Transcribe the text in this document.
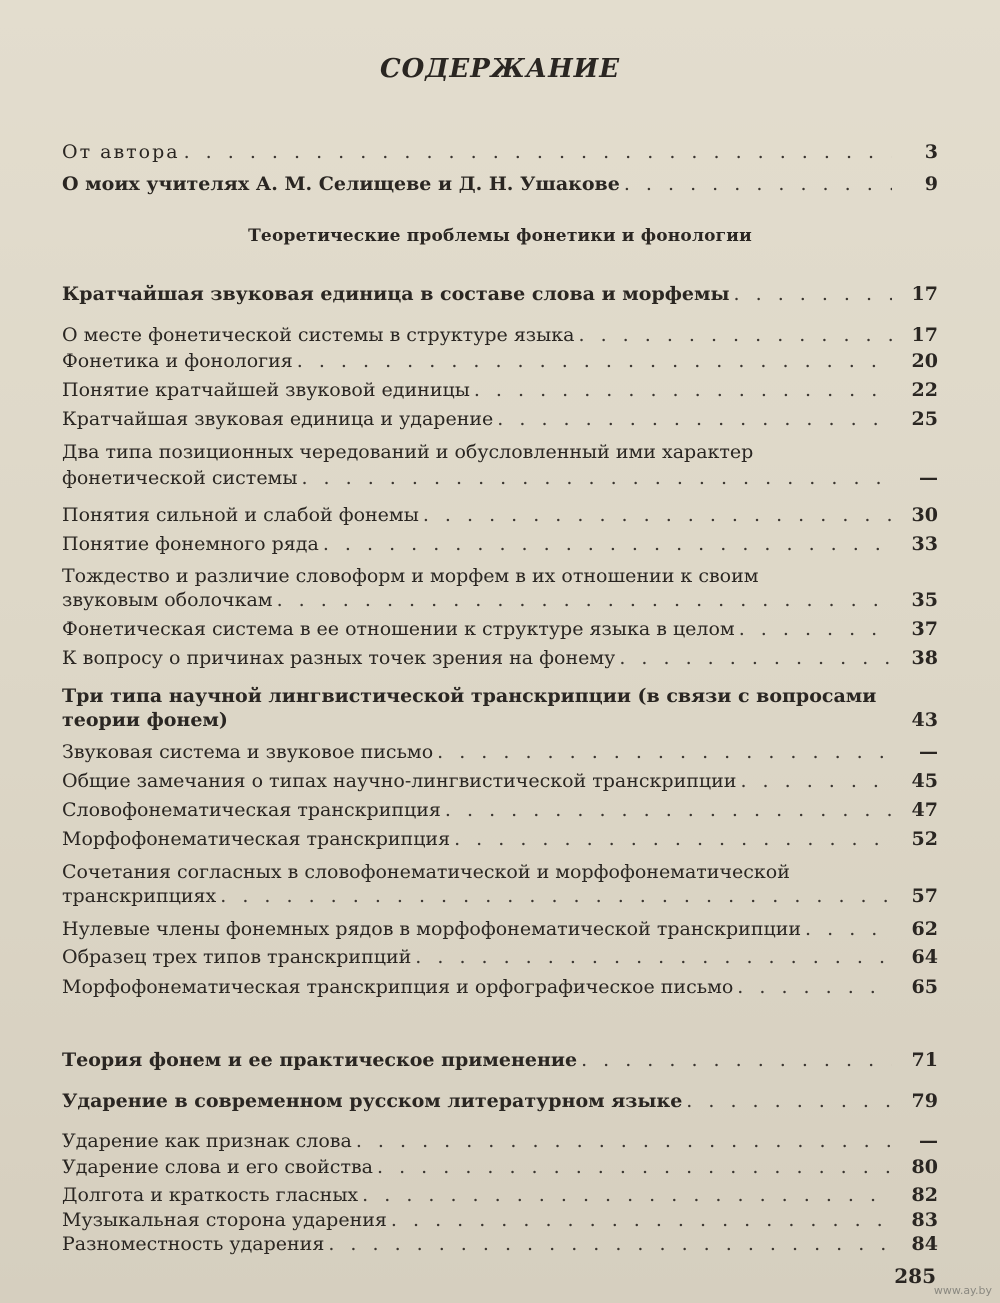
СОДЕРЖАНИЕ
От автора . . .	3
О моих учителях А. М. Селищеве и Д. Н. Ушакове . . .	9
Теоретические проблемы фонетики и фонологии
Кратчайшая звуковая единица в составе слова и морфемы . . .	17
О месте фонетической системы в структуре языка . . .	17
Фонетика и фонология . . .	20
Понятие кратчайшей звуковой единицы . . .	22
Кратчайшая звуковая единица и ударение . . .	25
Два типа позиционных чередований и обусловленный ими характер
фонетической системы . . .	—
Понятия сильной и слабой фонемы . . .	30
Понятие фонемного ряда . . .	33
Тождество и различие словоформ и морфем в их отношении к своим
звуковым оболочкам . . .	35
Фонетическая система в ее отношении к структуре языка в целом . . .	37
К вопросу о причинах разных точек зрения на фонему . . .	38
Три типа научной лингвистической транскрипции (в связи с вопросами
теории фонем)	43
Звуковая система и звуковое письмо . . .	—
Общие замечания о типах научно-лингвистической транскрипции . . .	45
Словофонематическая транскрипция . . .	47
Морфофонематическая транскрипция . . .	52
Сочетания согласных в словофонематической и морфофонематической
транскрипциях . . .	57
Нулевые члены фонемных рядов в морфофонематической транскрипции . . .	62
Образец трех типов транскрипций . . .	64
Морфофонематическая транскрипция и орфографическое письмо . . .	65
Теория фонем и ее практическое применение . . .	71
Ударение в современном русском литературном языке . . .	79
Ударение как признак слова . . .	—
Ударение слова и его свойства . . .	80
Долгота и краткость гласных . . .	82
Музыкальная сторона ударения . . .	83
Разноместность ударения . . .	84
285
www.ay.by
